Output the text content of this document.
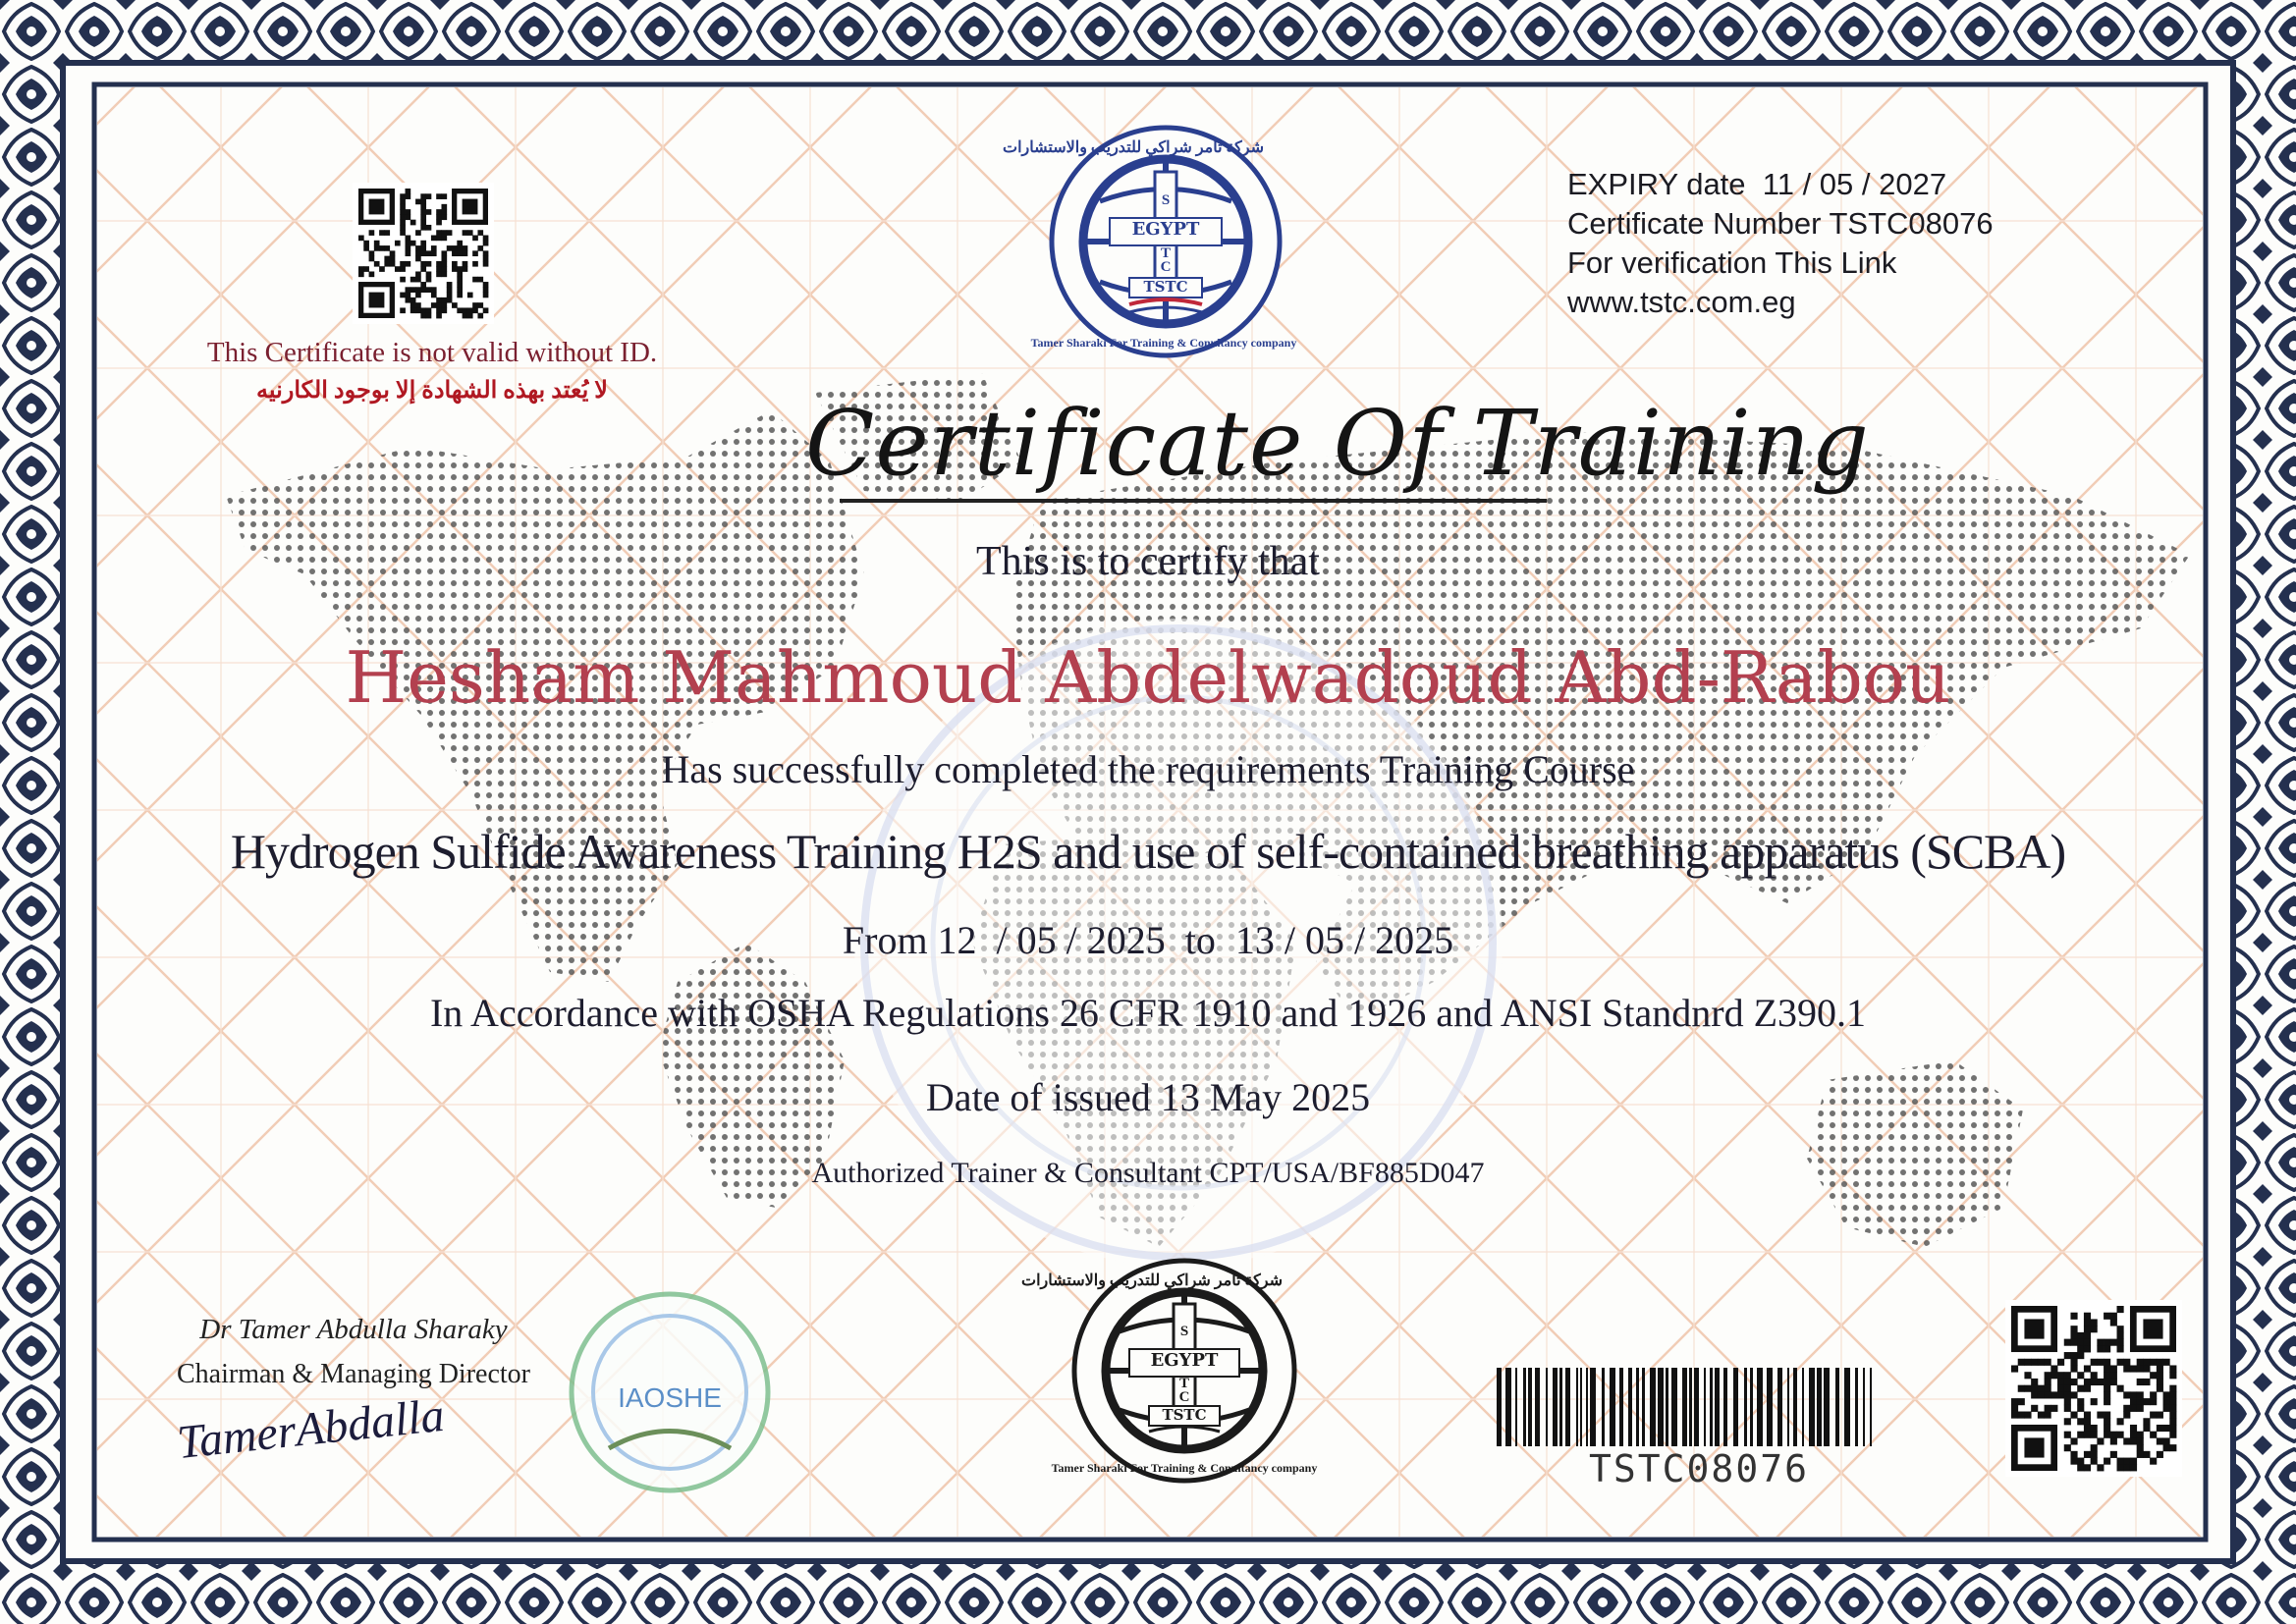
EXPIRY date 11 / 05 / 2027
Certificate Number TSTC08076
For verification This Link
www.tstc.com.eg
EGYPT
TSTC
S
T
C
شركة تامر شراكي للتدريب والاستشارات
Tamer Sharaki For Training & Conultancy company
EGYPT
TSTC
S
T
C
شركة تامر شراكي للتدريب والاستشارات
Tamer Sharaki For Training & Conultancy company
This Certificate is not valid without ID.
لا يُعتد بهذه الشهادة إلا بوجود الكارنيه	Certificate Of Training
This is to certify that
Hesham Mahmoud Abdelwadoud Abd-Rabou
Has successfully completed the requirements Training Course
Hydrogen Sulfide Awareness Training H2S and use of self-contained breathing apparatus (SCBA)
From 12  / 05 / 2025  to  13 / 05 / 2025
In Accordance with OSHA Regulations 26 CFR 1910 and 1926 and ANSI Standnrd Z390.1
Date of issued 13 May 2025
Authorized Trainer & Consultant CPT/USA/BF885D047
Dr Tamer Abdulla Sharaky
Chairman & Managing Director
TamerAbdalla	IAOSHE
TSTC08076
